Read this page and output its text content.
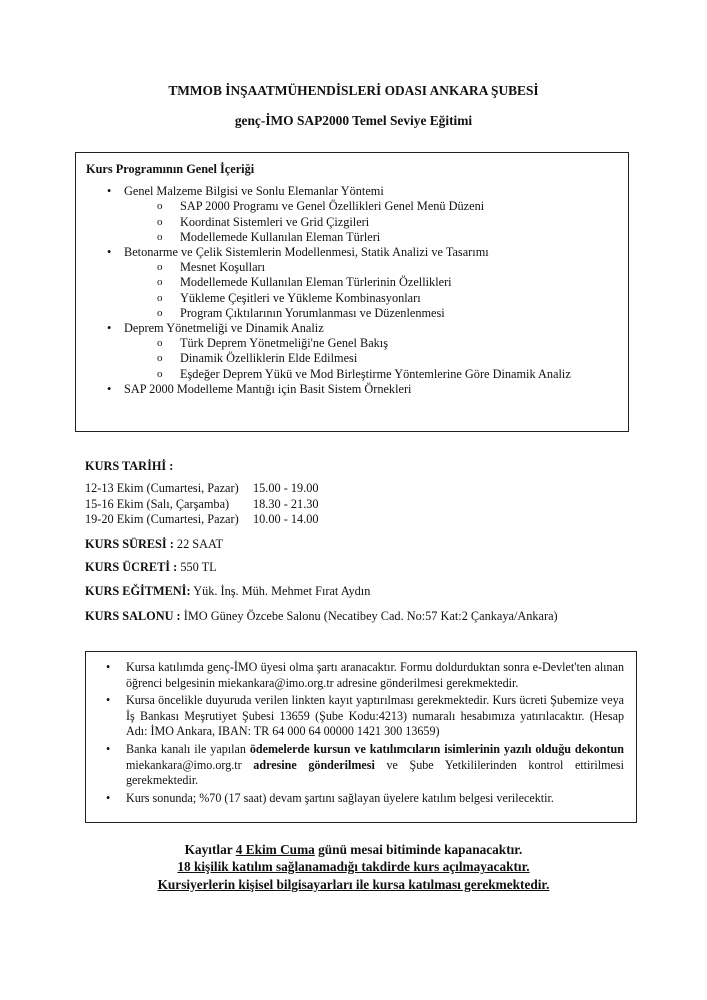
TMMOB İNŞAATMÜHENDİSLERİ ODASI ANKARA ŞUBESİ
genç-İMO SAP2000 Temel Seviye Eğitimi
Kurs Programının Genel İçeriği
• Genel Malzeme Bilgisi ve Sonlu Elemanlar Yöntemi
o SAP 2000 Programı ve Genel Özellikleri Genel Menü Düzeni
o Koordinat Sistemleri ve Grid Çizgileri
o Modellemede Kullanılan Eleman Türleri
• Betonarme ve Çelik Sistemlerin Modellenmesi, Statik Analizi ve Tasarımı
o Mesnet Koşulları
o Modellemede Kullanılan Eleman Türlerinin Özellikleri
o Yükleme Çeşitleri ve Yükleme Kombinasyonları
o Program Çıktılarının Yorumlanması ve Düzenlenmesi
• Deprem Yönetmeliği ve Dinamik Analiz
o Türk Deprem Yönetmeliği'ne Genel Bakış
o Dinamik Özelliklerin Elde Edilmesi
o Eşdeğer Deprem Yükü ve Mod Birleştirme Yöntemlerine Göre Dinamik Analiz
• SAP 2000 Modelleme Mantığı için Basit Sistem Örnekleri
KURS TARİHİ :
12-13 Ekim (Cumartesi, Pazar) 15.00 - 19.00
15-16 Ekim (Salı, Çarşamba) 18.30 - 21.30
19-20 Ekim (Cumartesi, Pazar) 10.00 - 14.00
KURS SÜRESİ : 22 SAAT
KURS ÜCRETİ : 550 TL
KURS EĞİTMENİ: Yük. İnş. Müh. Mehmet Fırat Aydın
KURS SALONU : İMO Güney Özcebe Salonu (Necatibey Cad. No:57 Kat:2 Çankaya/Ankara)
• Kursa katılımda genç-İMO üyesi olma şartı aranacaktır. Formu doldurduktan sonra e-Devlet'ten alınan öğrenci belgesinin miekankara@imo.org.tr adresine gönderilmesi gerekmektedir.
• Kursa öncelikle duyuruda verilen linkten kayıt yaptırılması gerekmektedir. Kurs ücreti Şubemize veya İş Bankası Meşrutiyet Şubesi 13659 (Şube Kodu:4213) numaralı hesabımıza yatırılacaktır. (Hesap Adı: İMO Ankara, IBAN: TR 64 000 64 00000 1421 300 13659)
• Banka kanalı ile yapılan ödemelerde kursun ve katılımcıların isimlerinin yazılı olduğu dekontun miekankara@imo.org.tr adresine gönderilmesi ve Şube Yetkililerinden kontrol ettirilmesi gerekmektedir.
• Kurs sonunda; %70 (17 saat) devam şartını sağlayan üyelere katılım belgesi verilecektir.
Kayıtlar 4 Ekim Cuma günü mesai bitiminde kapanacaktır.
18 kişilik katılım sağlanamadığı takdirde kurs açılmayacaktır.
Kursiyerlerin kişisel bilgisayarları ile kursa katılması gerekmektedir.
